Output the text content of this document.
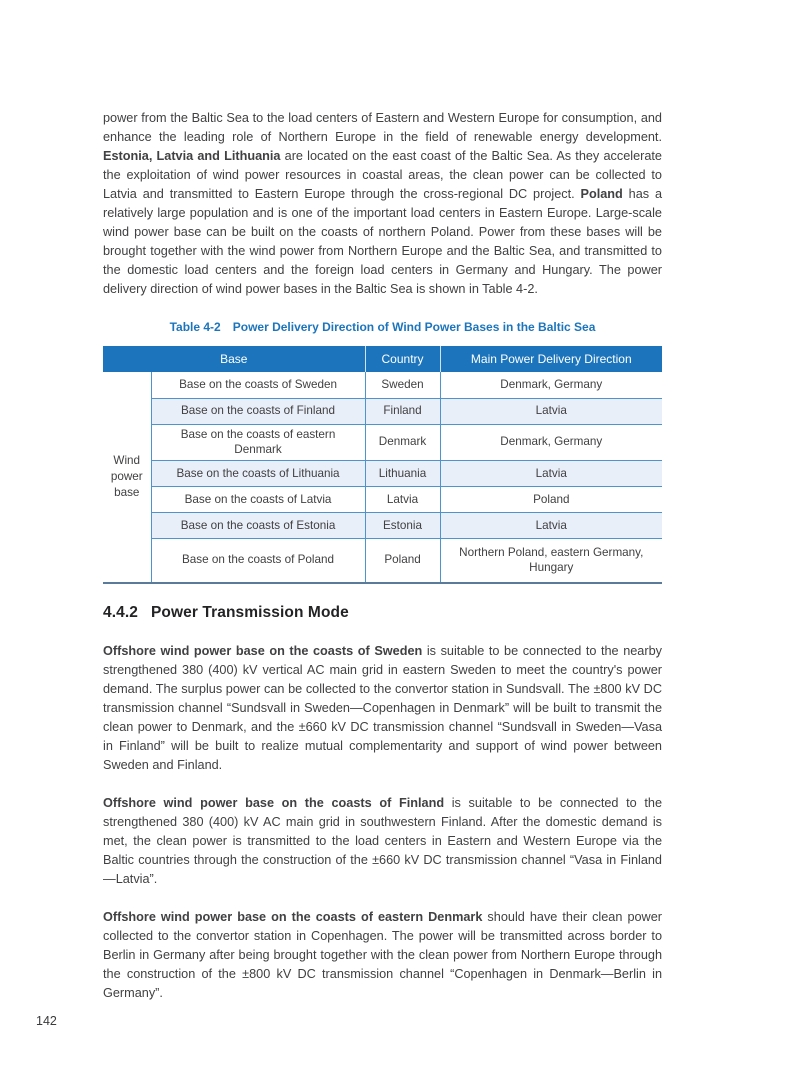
power from the Baltic Sea to the load centers of Eastern and Western Europe for consumption, and enhance the leading role of Northern Europe in the field of renewable energy development. Estonia, Latvia and Lithuania are located on the east coast of the Baltic Sea. As they accelerate the exploitation of wind power resources in coastal areas, the clean power can be collected to Latvia and transmitted to Eastern Europe through the cross-regional DC project. Poland has a relatively large population and is one of the important load centers in Eastern Europe. Large-scale wind power base can be built on the coasts of northern Poland. Power from these bases will be brought together with the wind power from Northern Europe and the Baltic Sea, and transmitted to the domestic load centers and the foreign load centers in Germany and Hungary. The power delivery direction of wind power bases in the Baltic Sea is shown in Table 4-2.

Table 4-2 Power Delivery Direction of Wind Power Bases in the Baltic Sea
Base		Country	Main Power Delivery Direction
Wind power base	Base on the coasts of Sweden	Sweden	Denmark, Germany
	Base on the coasts of Finland	Finland	Latvia
	Base on the coasts of eastern Denmark	Denmark	Denmark, Germany
	Base on the coasts of Lithuania	Lithuania	Latvia
	Base on the coasts of Latvia	Latvia	Poland
	Base on the coasts of Estonia	Estonia	Latvia
	Base on the coasts of Poland	Poland	Northern Poland, eastern Germany, Hungary
4.4.2 Power Transmission Mode

Offshore wind power base on the coasts of Sweden is suitable to be connected to the nearby strengthened 380 (400) kV vertical AC main grid in eastern Sweden to meet the country's power demand. The surplus power can be collected to the convertor station in Sundsvall. The ±800 kV DC transmission channel “Sundsvall in Sweden—Copenhagen in Denmark” will be built to transmit the clean power to Denmark, and the ±660 kV DC transmission channel “Sundsvall in Sweden—Vasa in Finland” will be built to realize mutual complementarity and support of wind power between Sweden and Finland.

Offshore wind power base on the coasts of Finland is suitable to be connected to the strengthened 380 (400) kV AC main grid in southwestern Finland. After the domestic demand is met, the clean power is transmitted to the load centers in Eastern and Western Europe via the Baltic countries through the construction of the ±660 kV DC transmission channel “Vasa in Finland—Latvia”.

Offshore wind power base on the coasts of eastern Denmark should have their clean power collected to the convertor station in Copenhagen. The power will be transmitted across border to Berlin in Germany after being brought together with the clean power from Northern Europe through the construction of the ±800 kV DC transmission channel “Copenhagen in Denmark—Berlin in Germany”.

142
